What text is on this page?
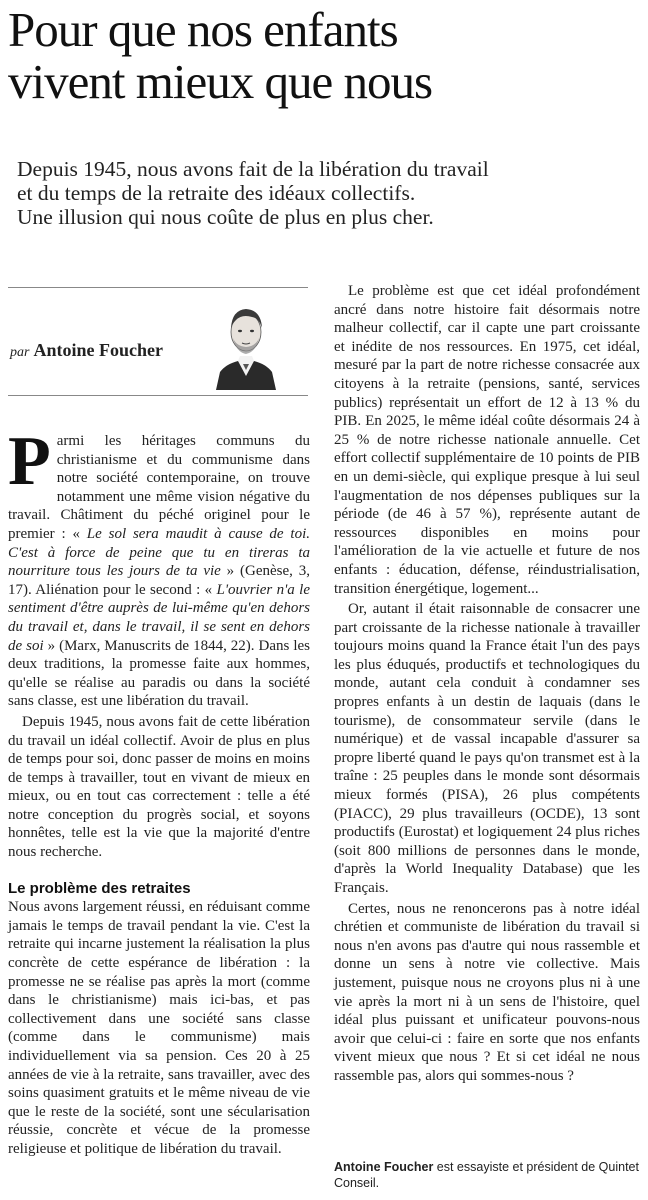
Pour que nos enfants
vivent mieux que nous

Depuis 1945, nous avons fait de la libération du travail
et du temps de la retraite des idéaux collectifs.
Une illusion qui nous coûte de plus en plus cher.

par Antoine Foucher

Parmi les héritages communs du christianisme et du communisme dans notre société contemporaine, on trouve notamment une même vision négative du travail. Châtiment du péché originel pour le premier : « Le sol sera maudit à cause de toi. C'est à force de peine que tu en tireras ta nourriture tous les jours de ta vie » (Genèse, 3, 17). Aliénation pour le second : « L'ouvrier n'a le sentiment d'être auprès de lui-même qu'en dehors du travail et, dans le travail, il se sent en dehors de soi » (Marx, Manuscrits de 1844, 22). Dans les deux traditions, la promesse faite aux hommes, qu'elle se réalise au paradis ou dans la société sans classe, est une libération du travail.

Depuis 1945, nous avons fait de cette libération du travail un idéal collectif. Avoir de plus en plus de temps pour soi, donc passer de moins en moins de temps à travailler, tout en vivant de mieux en mieux, ou en tout cas correctement : telle a été notre conception du progrès social, et soyons honnêtes, telle est la vie que la majorité d'entre nous recherche.

Le problème des retraites

Nous avons largement réussi, en réduisant comme jamais le temps de travail pendant la vie. C'est la retraite qui incarne justement la réalisation la plus concrète de cette espérance de libération : la promesse ne se réalise pas après la mort (comme dans le christianisme) mais ici-bas, et pas collectivement dans une société sans classe (comme dans le communisme) mais individuellement via sa pension. Ces 20 à 25 années de vie à la retraite, sans travailler, avec des soins quasiment gratuits et le même niveau de vie que le reste de la société, sont une sécularisation réussie, concrète et vécue de la promesse religieuse et politique de libération du travail.

Le problème est que cet idéal profondément ancré dans notre histoire fait désormais notre malheur collectif, car il capte une part croissante et inédite de nos ressources. En 1975, cet idéal, mesuré par la part de notre richesse consacrée aux citoyens à la retraite (pensions, santé, services publics) représentait un effort de 12 à 13 % du PIB. En 2025, le même idéal coûte désormais 24 à 25 % de notre richesse nationale annuelle. Cet effort collectif supplémentaire de 10 points de PIB en un demi-siècle, qui explique presque à lui seul l'augmentation de nos dépenses publiques sur la période (de 46 à 57 %), représente autant de ressources disponibles en moins pour l'amélioration de la vie actuelle et future de nos enfants : éducation, défense, réindustrialisation, transition énergétique, logement...

Or, autant il était raisonnable de consacrer une part croissante de la richesse nationale à travailler toujours moins quand la France était l'un des pays les plus éduqués, productifs et technologiques du monde, autant cela conduit à condamner ses propres enfants à un destin de laquais (dans le tourisme), de consommateur servile (dans le numérique) et de vassal incapable d'assurer sa propre liberté quand le pays qu'on transmet est à la traîne : 25 peuples dans le monde sont désormais mieux formés (PISA), 26 plus compétents (PIACC), 29 plus travailleurs (OCDE), 13 sont productifs (Eurostat) et logiquement 24 plus riches (soit 800 millions de personnes dans le monde, d'après la World Inequality Database) que les Français.

Certes, nous ne renoncerons pas à notre idéal chrétien et communiste de libération du travail si nous n'en avons pas d'autre qui nous rassemble et donne un sens à notre vie collective. Mais justement, puisque nous ne croyons plus ni à une vie après la mort ni à un sens de l'histoire, quel idéal plus puissant et unificateur pouvons-nous avoir que celui-ci : faire en sorte que nos enfants vivent mieux que nous ? Et si cet idéal ne nous rassemble pas, alors qui sommes-nous ?

Antoine Foucher est essayiste et président de Quintet Conseil.
